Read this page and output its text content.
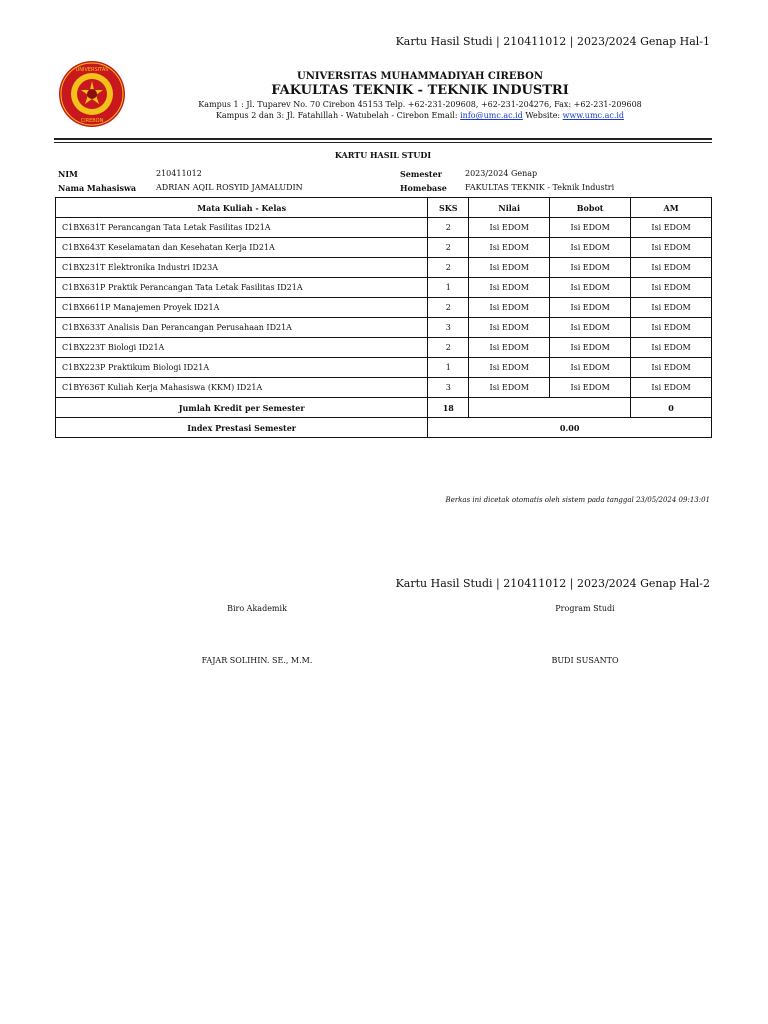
Kartu Hasil Studi | 210411012 | 2023/2024 Genap Hal-1
UNIVERSITAS
CIREBON
UNIVERSITAS MUHAMMADIYAH CIREBON
FAKULTAS TEKNIK - TEKNIK INDUSTRI
Kampus 1 : Jl. Tuparev No. 70 Cirebon 45153 Telp. +62-231-209608, +62-231-204276, Fax: +62-231-209608
Kampus 2 dan 3: Jl. Fatahillah - Watubelah - Cirebon Email: info@umc.ac.id Website: www.umc.ac.id
KARTU HASIL STUDI
NIM	210411012
Nama Mahasiswa ADRIAN AQIL ROSYID JAMALUDIN
Semester	2023/2024 Genap
Homebase FAKULTAS TEKNIK - Teknik Industri
Mata Kuliah - Kelas	SKS	Nilai	Bobot	AM
C1BX631T Perancangan Tata Letak Fasilitas ID21A	2	Isi EDOM	Isi EDOM	Isi EDOM
C1BX643T Keselamatan dan Kesehatan Kerja ID21A	2	Isi EDOM	Isi EDOM	Isi EDOM
C1BX231T Elektronika Industri ID23A	2	Isi EDOM	Isi EDOM	Isi EDOM
C1BX631P Praktik Perancangan Tata Letak Fasilitas ID21A	1	Isi EDOM	Isi EDOM	Isi EDOM
C1BX6611P Manajemen Proyek ID21A	2	Isi EDOM	Isi EDOM	Isi EDOM
C1BX633T Analisis Dan Perancangan Perusahaan ID21A	3	Isi EDOM	Isi EDOM	Isi EDOM
C1BX223T Biologi ID21A	2	Isi EDOM	Isi EDOM	Isi EDOM
C1BX223P Praktikum Biologi ID21A	1	Isi EDOM	Isi EDOM	Isi EDOM
C1BY636T Kuliah Kerja Mahasiswa (KKM) ID21A	3	Isi EDOM	Isi EDOM	Isi EDOM
Jumlah Kredit per Semester	18			0
Index Prestasi Semester	0.00			
Berkas ini dicetak otomatis oleh sistem pada tanggal 23/05/2024 09:13:01
Kartu Hasil Studi | 210411012 | 2023/2024 Genap Hal-2
Biro Akademik
FAJAR SOLIHIN. SE., M.M.
Program Studi
BUDI SUSANTO
